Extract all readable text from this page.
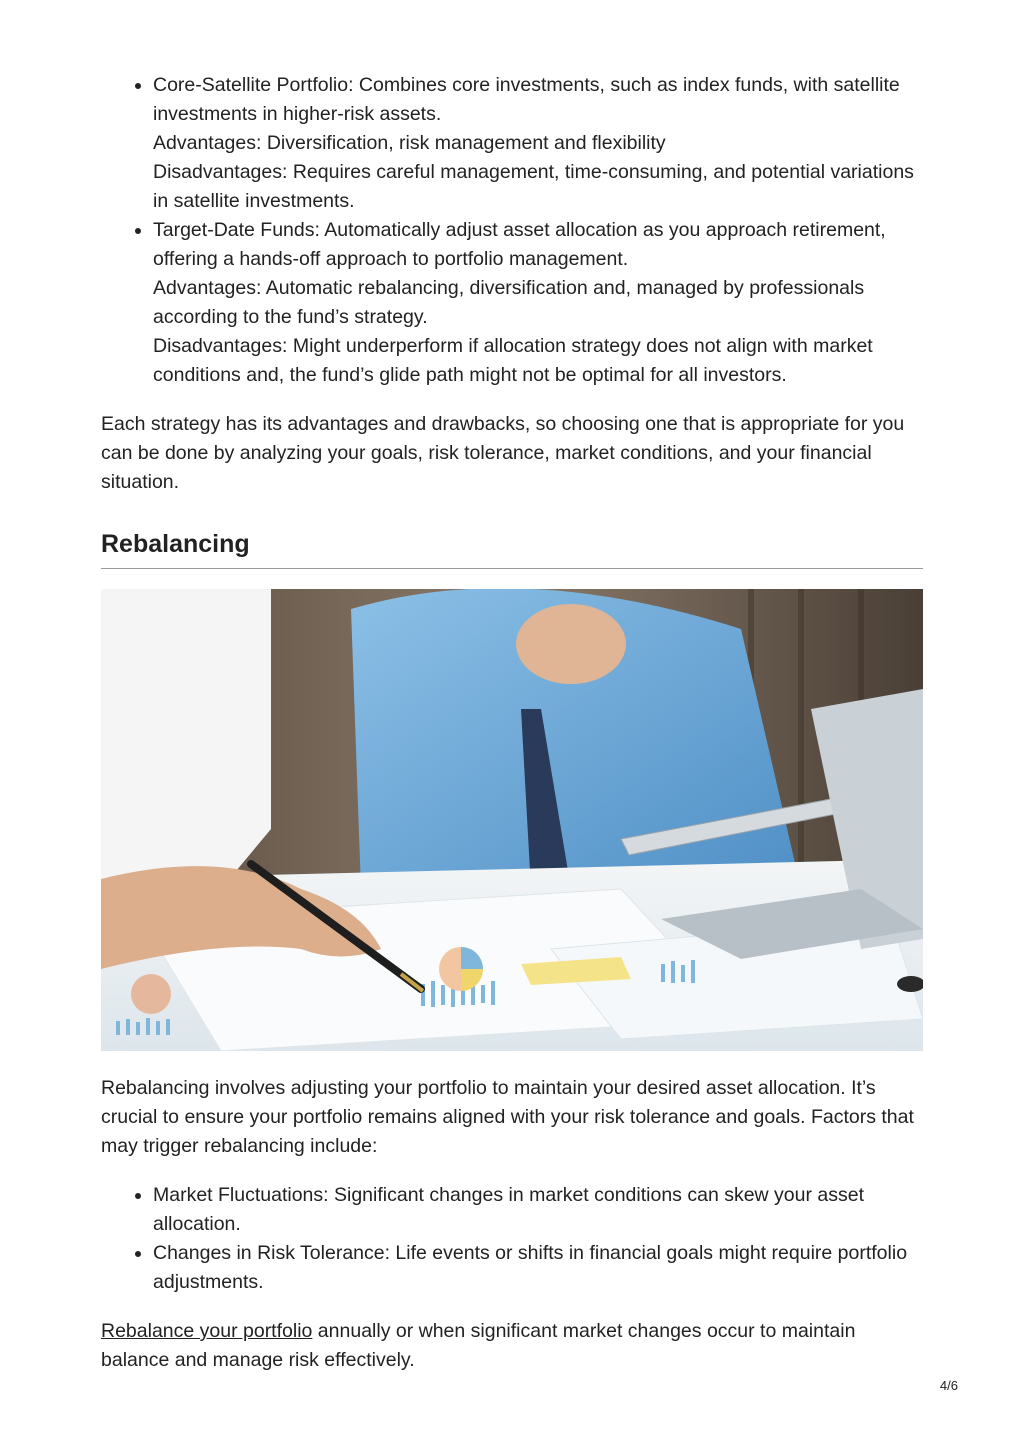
Core-Satellite Portfolio: Combines core investments, such as index funds, with satellite investments in higher-risk assets.
Advantages: Diversification, risk management and flexibility
Disadvantages: Requires careful management, time-consuming, and potential variations in satellite investments.
Target-Date Funds: Automatically adjust asset allocation as you approach retirement, offering a hands-off approach to portfolio management.
Advantages: Automatic rebalancing, diversification and, managed by professionals according to the fund’s strategy.
Disadvantages: Might underperform if allocation strategy does not align with market conditions and, the fund’s glide path might not be optimal for all investors.

Each strategy has its advantages and drawbacks, so choosing one that is appropriate for you can be done by analyzing your goals, risk tolerance, market conditions, and your financial situation.

Rebalancing

Rebalancing involves adjusting your portfolio to maintain your desired asset allocation. It’s crucial to ensure your portfolio remains aligned with your risk tolerance and goals. Factors that may trigger rebalancing include:

Market Fluctuations: Significant changes in market conditions can skew your asset allocation.
Changes in Risk Tolerance: Life events or shifts in financial goals might require portfolio adjustments.

Rebalance your portfolio annually or when significant market changes occur to maintain balance and manage risk effectively.

4/6
